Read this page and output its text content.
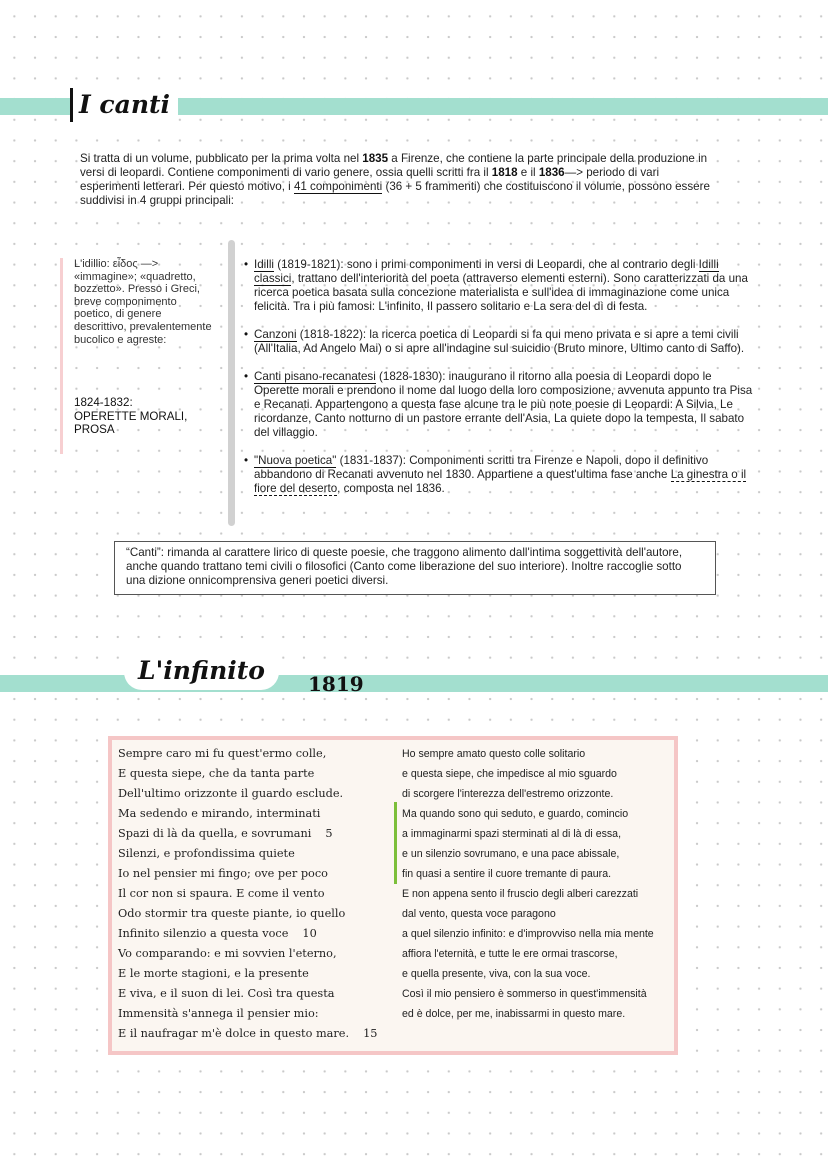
I canti
Si tratta di un volume, pubblicato per la prima volta nel 1835 a Firenze, che contiene la parte principale della produzione in versi di leopardi. Contiene componimenti di vario genere, ossia quelli scritti fra il 1818 e il 1836—> periodo di vari esperimenti letterari. Per questo motivo, i 41 componimenti (36 + 5 frammenti) che costituiscono il volume, possono essere suddivisi in 4 gruppi principali:
L'idillio: εἶδος —> «immagine»; «quadretto, bozzetto». Presso i Greci, breve componimento poetico, di genere descrittivo, prevalentemente bucolico e agreste:
1824-1832:
OPERETTE MORALI,
PROSA
• Idilli (1819-1821): sono i primi componimenti in versi di Leopardi, che al contrario degli Idilli classici, trattano dell'interiorità del poeta (attraverso elementi esterni). Sono caratterizzati da una ricerca poetica basata sulla concezione materialista e sull'idea di immaginazione come unica felicità. Tra i più famosi: L'infinito, Il passero solitario e La sera del dì di festa.
• Canzoni (1818-1822): la ricerca poetica di Leopardi si fa qui meno privata e si apre a temi civili (All'Italia, Ad Angelo Mai) o si apre all'indagine sul suicidio (Bruto minore, Ultimo canto di Saffo).
• Canti pisano-recanatesi (1828-1830): inaugurano il ritorno alla poesia di Leopardi dopo le Operette morali e prendono il nome dal luogo della loro composizione, avvenuta appunto tra Pisa e Recanati. Appartengono a questa fase alcune tra le più note poesie di Leopardi: A Silvia, Le ricordanze, Canto notturno di un pastore errante dell'Asia, La quiete dopo la tempesta, Il sabato del villaggio.
• "Nuova poetica" (1831-1837): Componimenti scritti tra Firenze e Napoli, dopo il definitivo abbandono di Recanati avvenuto nel 1830. Appartiene a quest'ultima fase anche La ginestra o il fiore del deserto, composta nel 1836.
“Canti”: rimanda al carattere lirico di queste poesie, che traggono alimento dall'intima soggettività dell'autore, anche quando trattano temi civili o filosofici (Canto come liberazione del suo interiore). Inoltre raccoglie sotto una dizione onnicomprensiva generi poetici diversi.
L'infinito	1819
Sempre caro mi fu quest'ermo colle,
E questa siepe, che da tanta parte
Dell'ultimo orizzonte il guardo esclude.
Ma sedendo e mirando, interminati
Spazi di là da quella, e sovrumani 5
Silenzi, e profondissima quiete
Io nel pensier mi fingo; ove per poco
Il cor non si spaura. E come il vento
Odo stormir tra queste piante, io quello
Infinito silenzio a questa voce 10
Vo comparando: e mi sovvien l'eterno,
E le morte stagioni, e la presente
E viva, e il suon di lei. Così tra questa
Immensità s'annega il pensier mio:
E il naufragar m'è dolce in questo mare. 15
Ho sempre amato questo colle solitario
e questa siepe, che impedisce al mio sguardo
di scorgere l'interezza dell'estremo orizzonte.
Ma quando sono qui seduto, e guardo, comincio
a immaginarmi spazi sterminati al di là di essa,
e un silenzio sovrumano, e una pace abissale,
fin quasi a sentire il cuore tremante di paura.
E non appena sento il fruscio degli alberi carezzati
dal vento, questa voce paragono
a quel silenzio infinito: e d'improvviso nella mia mente
affiora l'eternità, e tutte le ere ormai trascorse,
e quella presente, viva, con la sua voce.
Così il mio pensiero è sommerso in quest'immensità
ed è dolce, per me, inabissarmi in questo mare.
